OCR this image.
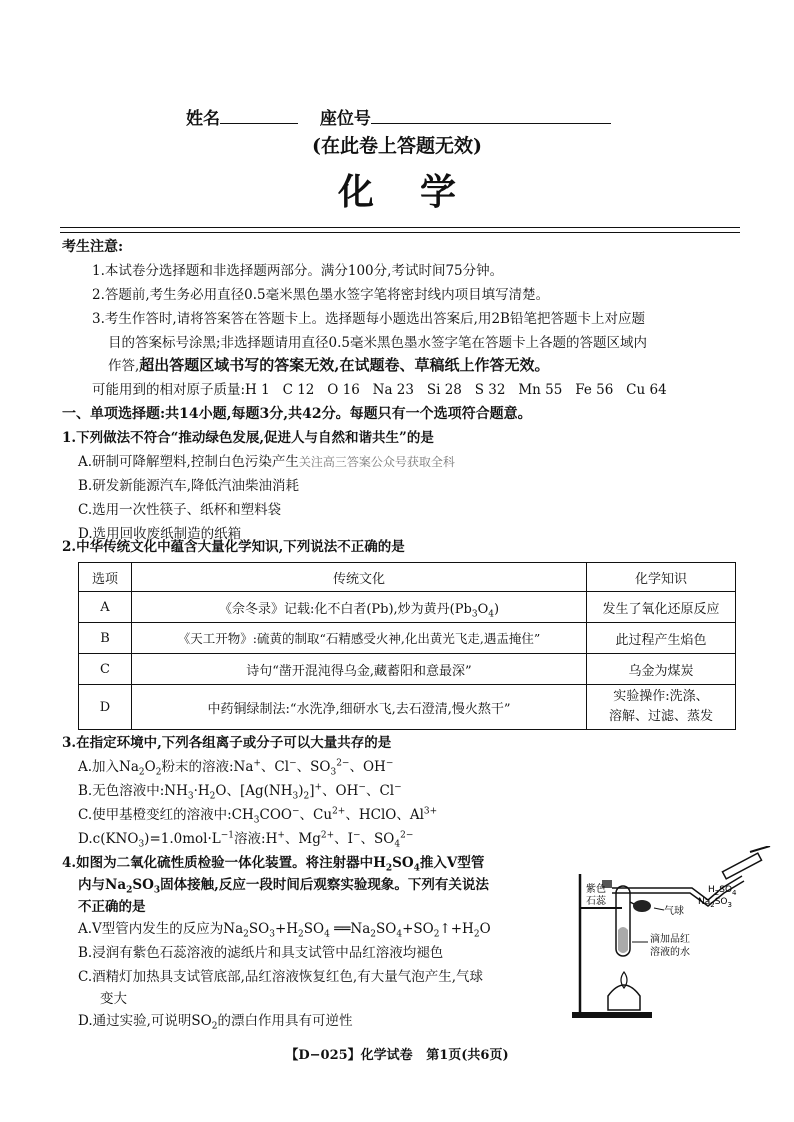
姓名	座位号
(在此卷上答题无效)
化学
考生注意:
1.本试卷分选择题和非选择题两部分。满分100分,考试时间75分钟。
2.答题前,考生务必用直径0.5毫米黑色墨水签字笔将密封线内项目填写清楚。
3.考生作答时,请将答案答在答题卡上。选择题每小题选出答案后,用2B铅笔把答题卡上对应题
目的答案标号涂黑;非选择题请用直径0.5毫米黑色墨水签字笔在答题卡上各题的答题区域内
作答,超出答题区域书写的答案无效,在试题卷、草稿纸上作答无效。
可能用到的相对原子质量:H 1   C 12   O 16   Na 23   Si 28   S 32   Mn 55   Fe 56   Cu 64
一、单项选择题:共14小题,每题3分,共42分。每题只有一个选项符合题意。
1.下列做法不符合“推动绿色发展,促进人与自然和谐共生”的是
A.研制可降解塑料,控制白色污染产生关注高三答案公众号获取全科
B.研发新能源汽车,降低汽油柴油消耗
C.选用一次性筷子、纸杯和塑料袋
D.选用回收废纸制造的纸箱
2.中华传统文化中蕴含大量化学知识,下列说法不正确的是
选项	传统文化	化学知识
A	《佘冬录》记载:化不白者(Pb),炒为黄丹$(Pb_3O_4)$	发生了氧化还原反应
B	《天工开物》:硫黄的制取“石精感受火神,化出黄光飞走,遇盂掩住”	此过程产生焰色
C	诗句“凿开混沌得乌金,藏蓄阳和意最深”	乌金为煤炭
D	中药铜绿制法:“水洗净,细研水飞,去石澄清,慢火熬干”	实验操作:洗涤、
溶解、过滤、蒸发
3.在指定环境中,下列各组离子或分子可以大量共存的是
A.加入$Na_2O_2$粉末的溶液:Na+、Cl−、$SO_3^{2-}$、OH−
B.无色溶液中$:NH_3\cdot H_2O$、$[Ag(NH_3)_2]^+$、OH−、Cl−
C.使甲基橙变红的溶液中$:CH_3COO^-$、$Cu^{2+}$、HClO、$Al^{3+}$
$D.c(KNO_3)=1.0mol\cdot L^{-1}$溶液:H+、$Mg^{2+}$、I−、$SO_4^{2-}$
4.如图为二氧化硫性质检验一体化装置。将注射器中$H_2SO_4$推入V型管
内与$Na_2SO_3$固体接触,反应一段时间后观察实验现象。下列有关说法
不正确的是
A.V型管内发生的反应为$Na_2SO_3+H_2SO_4$ $══Na_2SO_4+SO_2↑+H_2O$
B.浸润有紫色石蕊溶液的滤纸片和具支试管中品红溶液均褪色
C.酒精灯加热具支试管底部,品红溶液恢复红色,有大量气泡产生,气球
变大
D.通过实验,可说明$SO_2$的漂白作用具有可逆性
紫色
石蕊
气球
$H_2SO_4$
$Na_2SO_3$
滴加品红
溶液的水
【D−025】化学试卷   第1页(共6页)
